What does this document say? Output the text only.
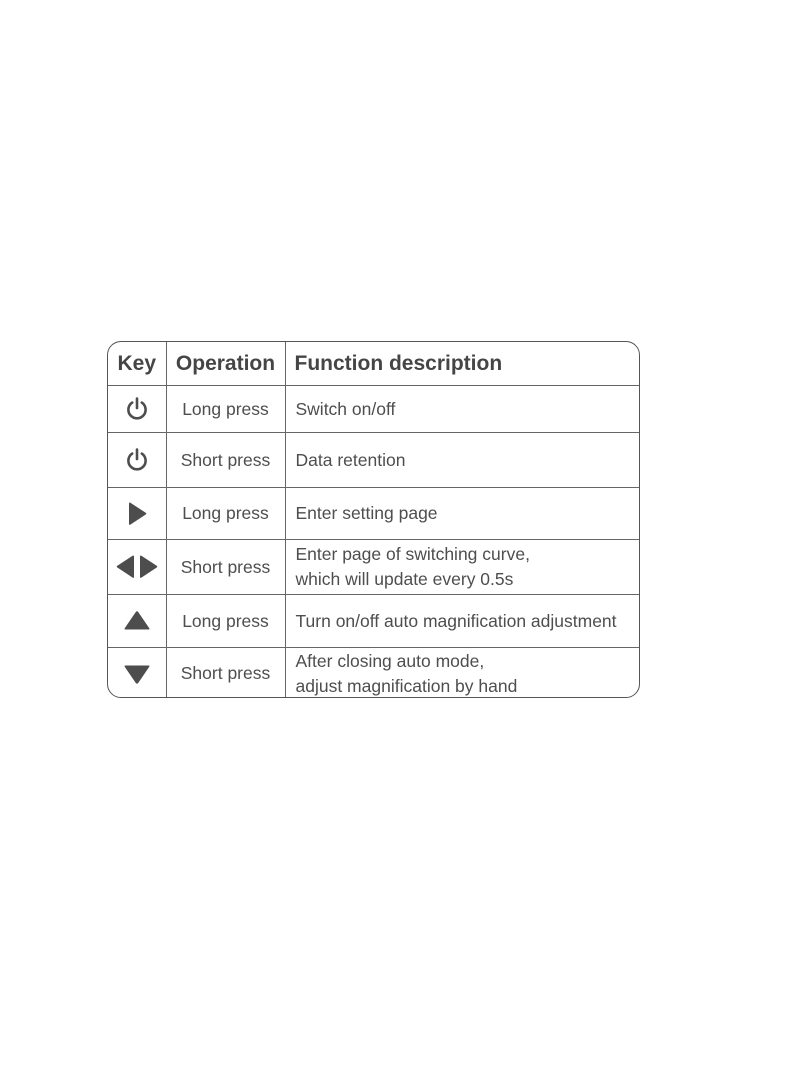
Key	Operation	Function description
	Long press	Switch on/off

	Short press	Data retention

	Long press	Enter setting page

	Short press	Enter page of switching curve,
which will update every 0.5s

	Long press	Turn on/off auto magnification adjustment

	Short press	After closing auto mode,
adjust magnification by hand
